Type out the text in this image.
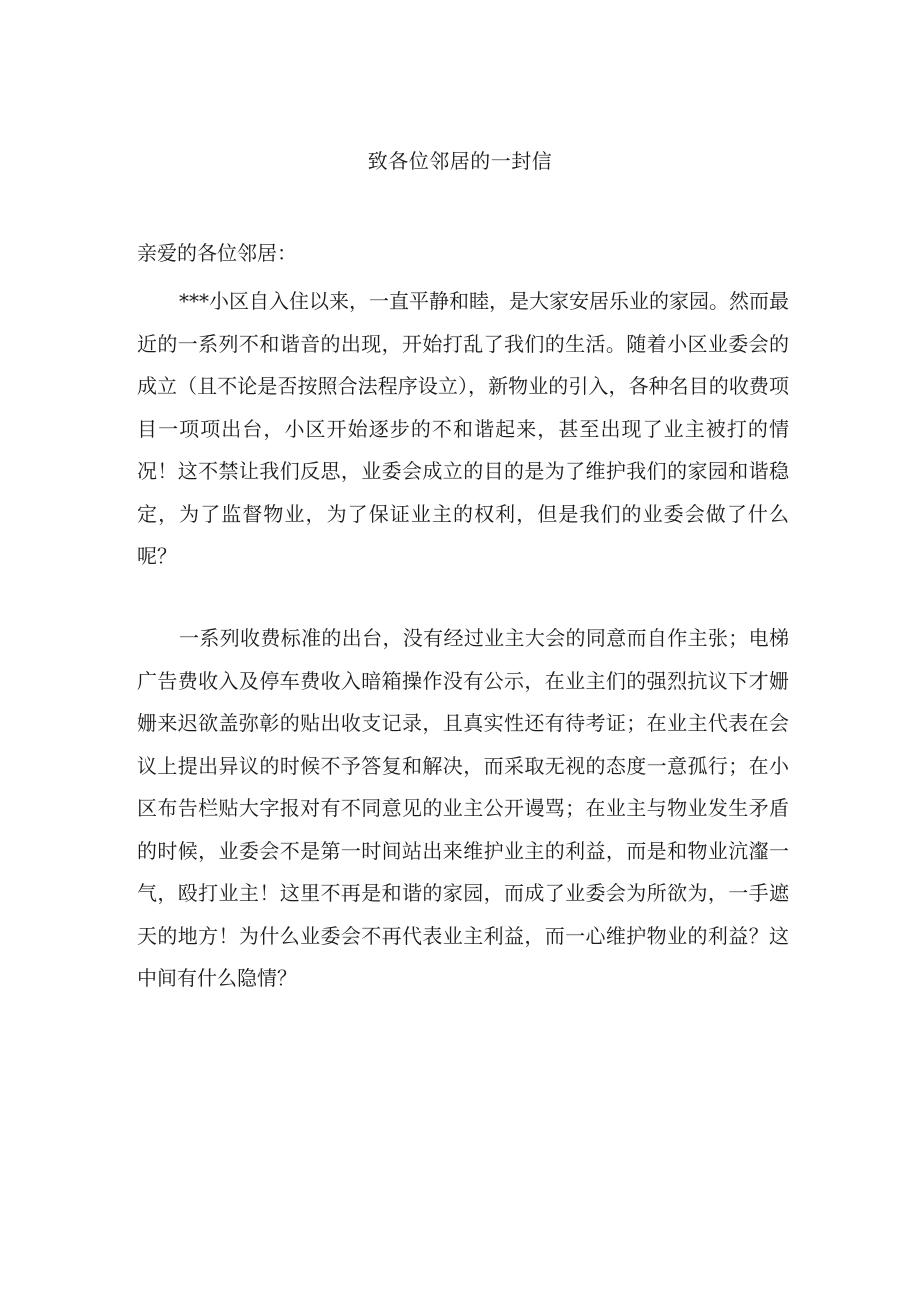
致各位邻居的一封信
亲爱的各位邻居：

***小区自入住以来，一直平静和睦，是大家安居乐业的家园。然而最近的一系列不和谐音的出现，开始打乱了我们的生活。随着小区业委会的成立（且不论是否按照合法程序设立），新物业的引入，各种名目的收费项目一项项出台，小区开始逐步的不和谐起来，甚至出现了业主被打的情况！这不禁让我们反思，业委会成立的目的是为了维护我们的家园和谐稳定，为了监督物业，为了保证业主的权利，但是我们的业委会做了什么呢？

一系列收费标准的出台，没有经过业主大会的同意而自作主张；电梯广告费收入及停车费收入暗箱操作没有公示，在业主们的强烈抗议下才姗姗来迟欲盖弥彰的贴出收支记录，且真实性还有待考证；在业主代表在会议上提出异议的时候不予答复和解决，而采取无视的态度一意孤行；在小区布告栏贴大字报对有不同意见的业主公开谩骂；在业主与物业发生矛盾的时候，业委会不是第一时间站出来维护业主的利益，而是和物业沆瀣一气，殴打业主！这里不再是和谐的家园，而成了业委会为所欲为，一手遮天的地方！为什么业委会不再代表业主利益，而一心维护物业的利益？这中间有什么隐情？
